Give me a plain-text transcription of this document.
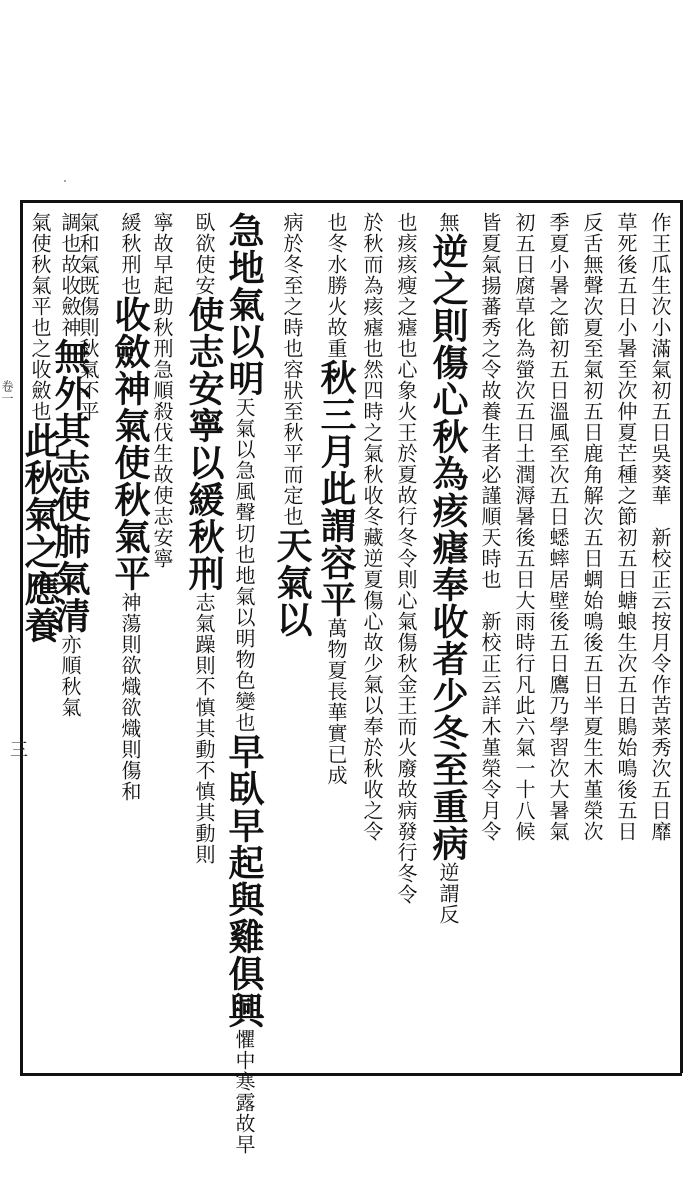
卷一
三	作王瓜生次小滿氣初五日吳葵華　新校正云按月令作苦菜秀次五日靡
草死後五日小暑至次仲夏芒種之節初五日螗蜋生次五日鵙始鳴後五日
反舌無聲次夏至氣初五日鹿角解次五日蜩始鳴後五日半夏生木堇榮次
季夏小暑之節初五日溫風至次五日蟋蟀居壁後五日鷹乃學習次大暑氣
初五日腐草化為螢次五日土潤溽暑後五日大雨時行凡此六氣一十八候
皆夏氣揚蕃秀之令故養生者必謹順天時也　新校正云詳木堇榮令月令
無逆之則傷心秋為痎瘧奉收者少冬至重病逆謂反
也痎痎瘦之瘧也心象火王於夏故行冬令則心氣傷秋金王而火廢故病發行冬令
於秋而為痎瘧也然四時之氣秋收冬藏逆夏傷心故少氣以奉於秋收之令
也冬水勝火故重秋三月此謂容平萬物夏長華實已成
病於冬至之時也容狀至秋平而定也天氣以
急地氣以明天氣以急風聲切也地氣以明物色變也早臥早起與雞俱興懼中寒露故早
臥欲使安使志安寧以緩秋刑志氣躁則不慎其動不慎其動則
寧故早起助秋刑急順殺伐生故使志安寧
緩秋刑也收斂神氣使秋氣平神蕩則欲熾欲熾則傷和
氣和氣既傷則秋氣不平
調也故收斂神無外其志使肺氣清亦順秋氣
氣使秋氣平也之收斂也此秋氣之應養
